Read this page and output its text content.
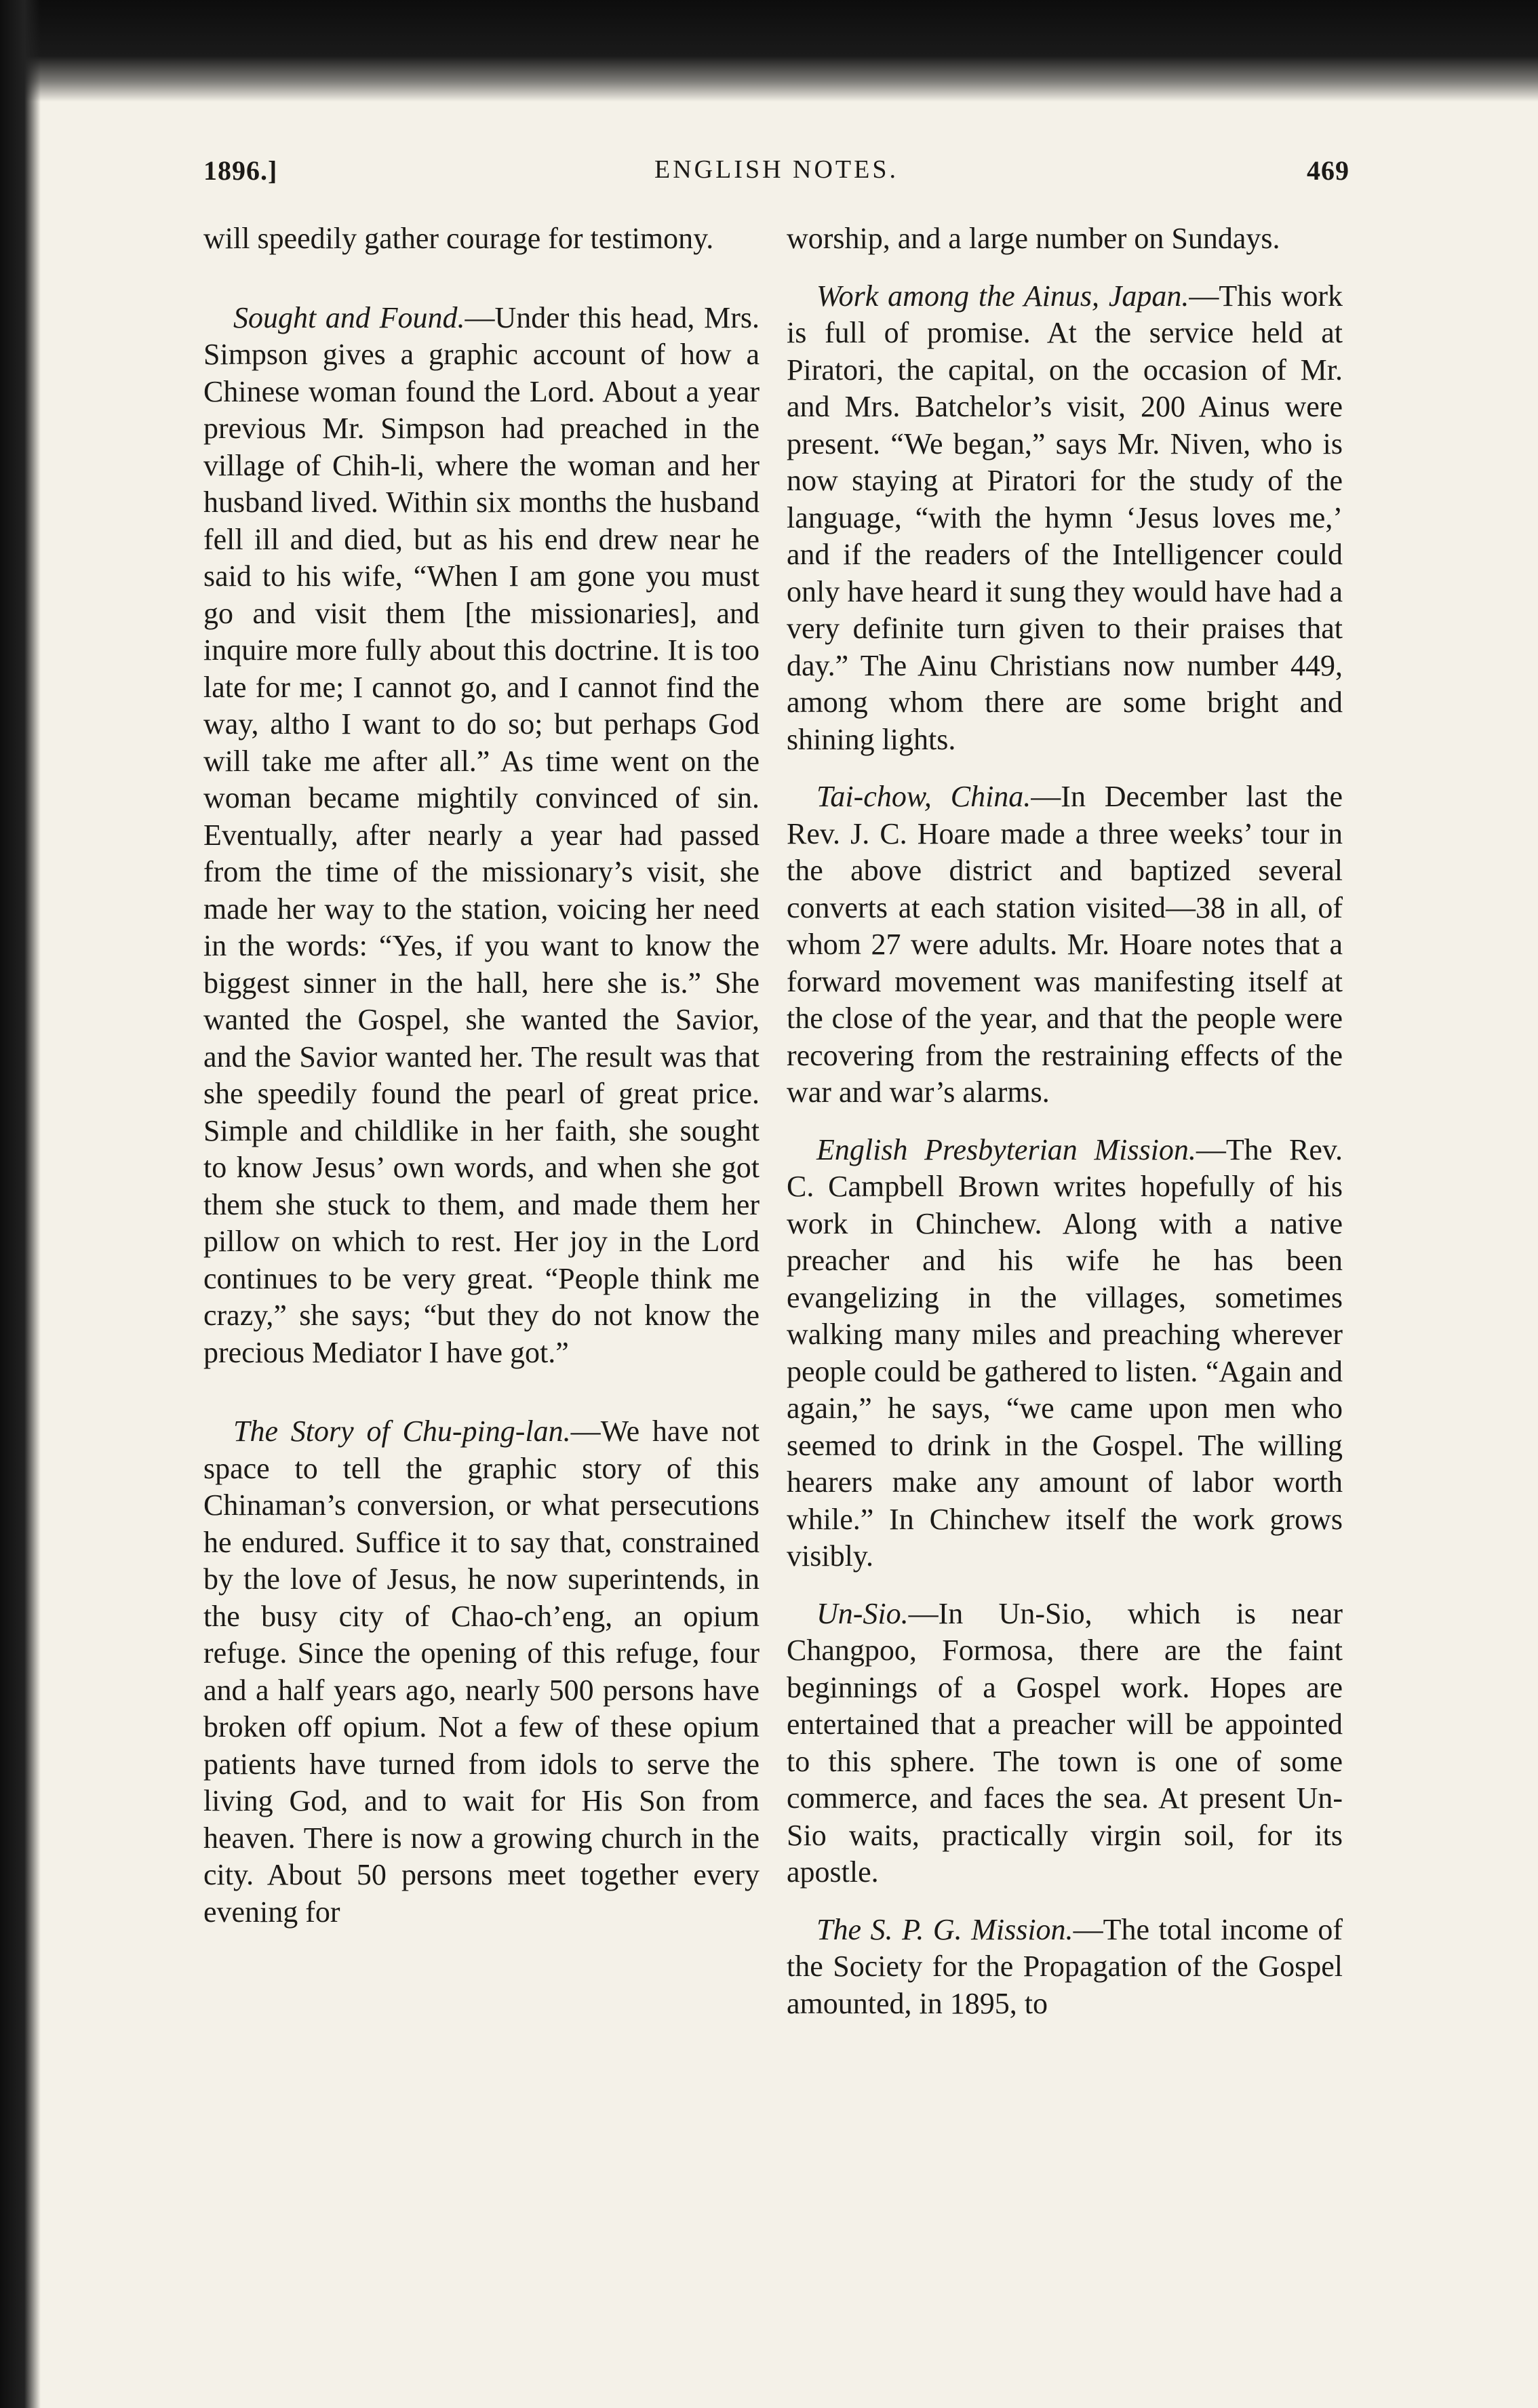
1896.]	ENGLISH NOTES.	469

will speedily gather courage for testimony.

Sought and Found.—Under this head, Mrs. Simpson gives a graphic account of how a Chinese woman found the Lord. About a year previous Mr. Simpson had preached in the village of Chih-li, where the woman and her husband lived. Within six months the husband fell ill and died, but as his end drew near he said to his wife, “When I am gone you must go and visit them [the missionaries], and inquire more fully about this doctrine. It is too late for me; I cannot go, and I cannot find the way, altho I want to do so; but perhaps God will take me after all.” As time went on the woman became mightily convinced of sin. Eventually, after nearly a year had passed from the time of the missionary’s visit, she made her way to the station, voicing her need in the words: “Yes, if you want to know the biggest sinner in the hall, here she is.” She wanted the Gospel, she wanted the Savior, and the Savior wanted her. The result was that she speedily found the pearl of great price. Simple and childlike in her faith, she sought to know Jesus’ own words, and when she got them she stuck to them, and made them her pillow on which to rest. Her joy in the Lord continues to be very great. “People think me crazy,” she says; “but they do not know the precious Mediator I have got.”

The Story of Chu-ping-lan.—We have not space to tell the graphic story of this Chinaman’s conversion, or what persecutions he endured. Suffice it to say that, constrained by the love of Jesus, he now superintends, in the busy city of Chao-ch’eng, an opium refuge. Since the opening of this refuge, four and a half years ago, nearly 500 persons have broken off opium. Not a few of these opium patients have turned from idols to serve the living God, and to wait for His Son from heaven. There is now a growing church in the city. About 50 persons meet together every evening for

worship, and a large number on Sundays.

Work among the Ainus, Japan.—This work is full of promise. At the service held at Piratori, the capital, on the occasion of Mr. and Mrs. Batchelor’s visit, 200 Ainus were present. “We began,” says Mr. Niven, who is now staying at Piratori for the study of the language, “with the hymn ‘Jesus loves me,’ and if the readers of the Intelligencer could only have heard it sung they would have had a very definite turn given to their praises that day.” The Ainu Christians now number 449, among whom there are some bright and shining lights.

Tai-chow, China.—In December last the Rev. J. C. Hoare made a three weeks’ tour in the above district and baptized several converts at each station visited—38 in all, of whom 27 were adults. Mr. Hoare notes that a forward movement was manifesting itself at the close of the year, and that the people were recovering from the restraining effects of the war and war’s alarms.

English Presbyterian Mission.—The Rev. C. Campbell Brown writes hopefully of his work in Chinchew. Along with a native preacher and his wife he has been evangelizing in the villages, sometimes walking many miles and preaching wherever people could be gathered to listen. “Again and again,” he says, “we came upon men who seemed to drink in the Gospel. The willing hearers make any amount of labor worth while.” In Chinchew itself the work grows visibly.

Un-Sio.—In Un-Sio, which is near Changpoo, Formosa, there are the faint beginnings of a Gospel work. Hopes are entertained that a preacher will be appointed to this sphere. The town is one of some commerce, and faces the sea. At present Un-Sio waits, practically virgin soil, for its apostle.

The S. P. G. Mission.—The total income of the Society for the Propagation of the Gospel amounted, in 1895, to
